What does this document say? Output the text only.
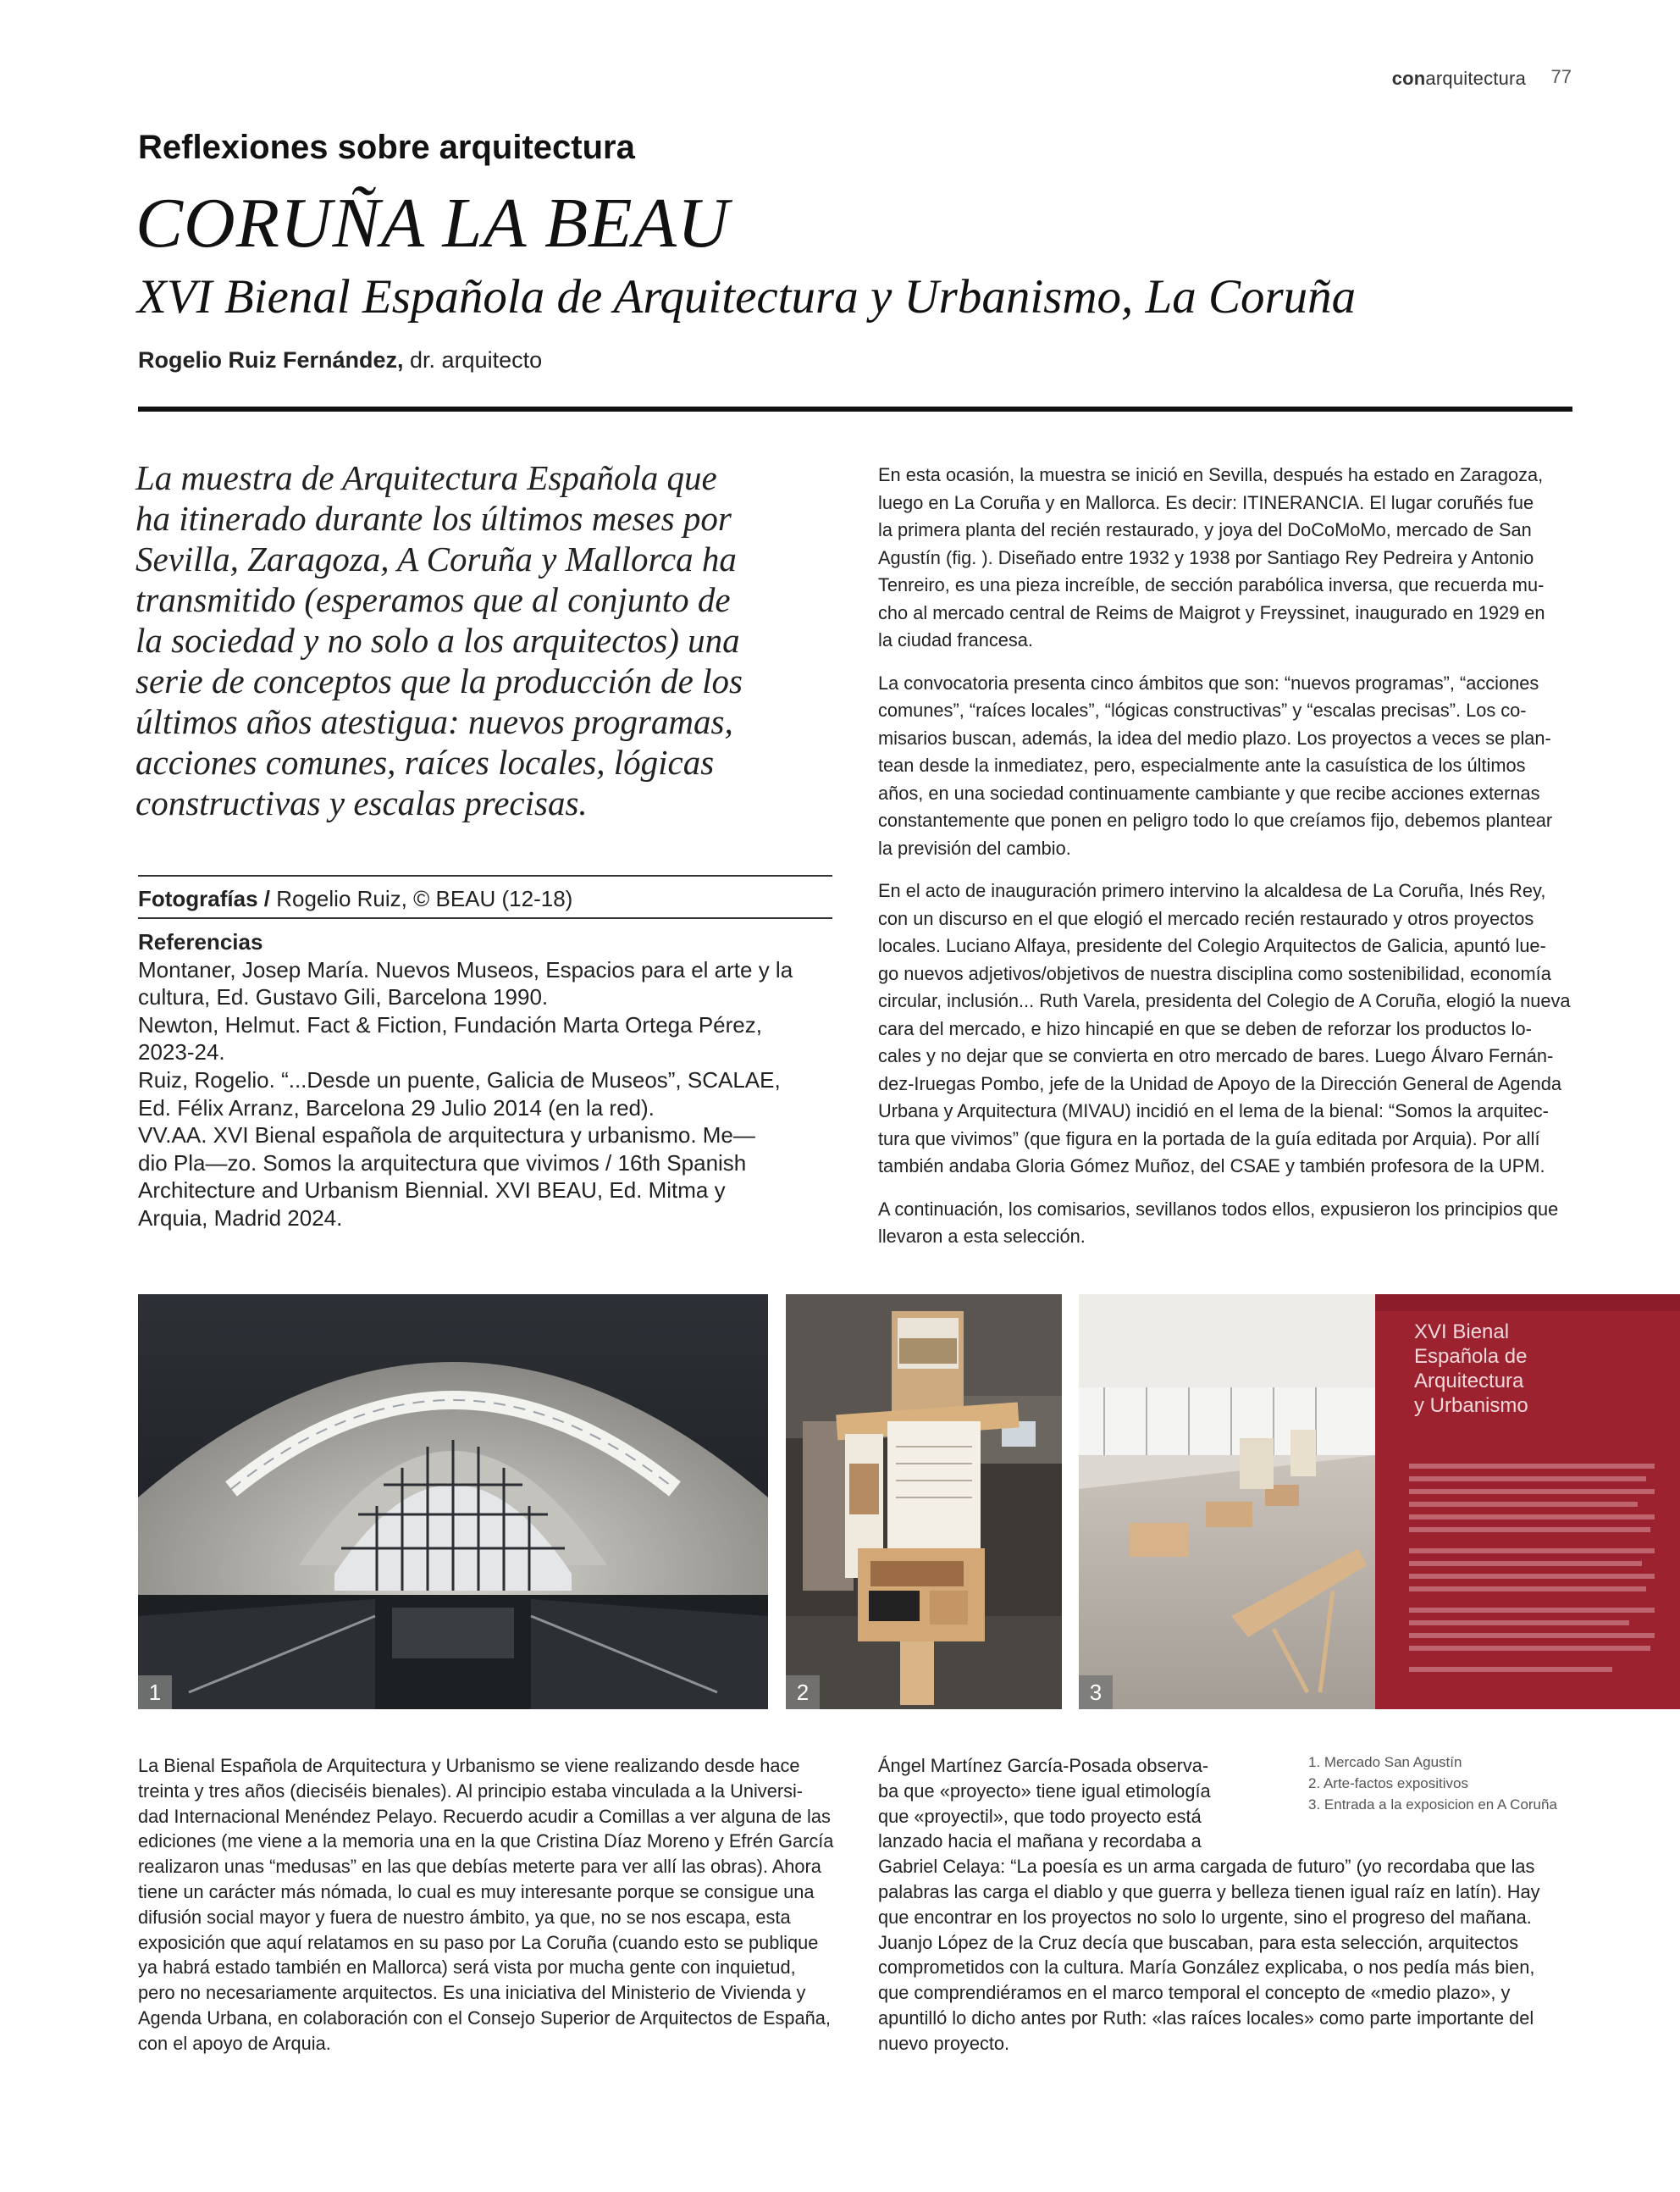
conarquitectura 77
Reflexiones sobre arquitectura
CORUÑA LA BEAU
XVI Bienal Española de Arquitectura y Urbanismo, La Coruña
Rogelio Ruiz Fernández, dr. arquitecto
La muestra de Arquitectura Española que
ha itinerado durante los últimos meses por
Sevilla, Zaragoza, A Coruña y Mallorca ha
transmitido (esperamos que al conjunto de
la sociedad y no solo a los arquitectos) una
serie de conceptos que la producción de los
últimos años atestigua: nuevos programas,
acciones comunes, raíces locales, lógicas
constructivas y escalas precisas.
Fotografías / Rogelio Ruiz, © BEAU (12-18)
Referencias
Montaner, Josep María. Nuevos Museos, Espacios para el arte y la
cultura, Ed. Gustavo Gili, Barcelona 1990.
Newton, Helmut. Fact & Fiction, Fundación Marta Ortega Pérez,
2023-24.
Ruiz, Rogelio. “...Desde un puente, Galicia de Museos”, SCALAE,
Ed. Félix Arranz, Barcelona 29 Julio 2014 (en la red).
VV.AA. XVI Bienal española de arquitectura y urbanismo. Me—
dio Pla—zo. Somos la arquitectura que vivimos / 16th Spanish
Architecture and Urbanism Biennial. XVI BEAU, Ed. Mitma y
Arquia, Madrid 2024.
En esta ocasión, la muestra se inició en Sevilla, después ha estado en Zaragoza,
luego en La Coruña y en Mallorca. Es decir: ITINERANCIA. El lugar coruñés fue
la primera planta del recién restaurado, y joya del DoCoMoMo, mercado de San
Agustín (fig. ). Diseñado entre 1932 y 1938 por Santiago Rey Pedreira y Antonio
Tenreiro, es una pieza increíble, de sección parabólica inversa, que recuerda mu-
cho al mercado central de Reims de Maigrot y Freyssinet, inaugurado en 1929 en
la ciudad francesa.
La convocatoria presenta cinco ámbitos que son: “nuevos programas”, “acciones
comunes”, “raíces locales”, “lógicas constructivas” y “escalas precisas”. Los co-
misarios buscan, además, la idea del medio plazo. Los proyectos a veces se plan-
tean desde la inmediatez, pero, especialmente ante la casuística de los últimos
años, en una sociedad continuamente cambiante y que recibe acciones externas
constantemente que ponen en peligro todo lo que creíamos fijo, debemos plantear
la previsión del cambio.
En el acto de inauguración primero intervino la alcaldesa de La Coruña, Inés Rey,
con un discurso en el que elogió el mercado recién restaurado y otros proyectos
locales. Luciano Alfaya, presidente del Colegio Arquitectos de Galicia, apuntó lue-
go nuevos adjetivos/objetivos de nuestra disciplina como sostenibilidad, economía
circular, inclusión... Ruth Varela, presidenta del Colegio de A Coruña, elogió la nueva
cara del mercado, e hizo hincapié en que se deben de reforzar los productos lo-
cales y no dejar que se convierta en otro mercado de bares. Luego Álvaro Fernán-
dez-Iruegas Pombo, jefe de la Unidad de Apoyo de la Dirección General de Agenda
Urbana y Arquitectura (MIVAU) incidió en el lema de la bienal: “Somos la arquitec-
tura que vivimos” (que figura en la portada de la guía editada por Arquia). Por allí
también andaba Gloria Gómez Muñoz, del CSAE y también profesora de la UPM.
A continuación, los comisarios, sevillanos todos ellos, expusieron los principios que
llevaron a esta selección.
1	2
XVI Bienal
Española de
Arquitectura
y Urbanismo
3
La Bienal Española de Arquitectura y Urbanismo se viene realizando desde hace
treinta y tres años (dieciséis bienales). Al principio estaba vinculada a la Universi-
dad Internacional Menéndez Pelayo. Recuerdo acudir a Comillas a ver alguna de las
ediciones (me viene a la memoria una en la que Cristina Díaz Moreno y Efrén García
realizaron unas “medusas” en las que debías meterte para ver allí las obras). Ahora
tiene un carácter más nómada, lo cual es muy interesante porque se consigue una
difusión social mayor y fuera de nuestro ámbito, ya que, no se nos escapa, esta
exposición que aquí relatamos en su paso por La Coruña (cuando esto se publique
ya habrá estado también en Mallorca) será vista por mucha gente con inquietud,
pero no necesariamente arquitectos. Es una iniciativa del Ministerio de Vivienda y
Agenda Urbana, en colaboración con el Consejo Superior de Arquitectos de España,
con el apoyo de Arquia.
Ángel Martínez García-Posada observa-
ba que «proyecto» tiene igual etimología
que «proyectil», que todo proyecto está
lanzado hacia el mañana y recordaba a
Gabriel Celaya: “La poesía es un arma cargada de futuro” (yo recordaba que las
palabras las carga el diablo y que guerra y belleza tienen igual raíz en latín). Hay
que encontrar en los proyectos no solo lo urgente, sino el progreso del mañana.
Juanjo López de la Cruz decía que buscaban, para esta selección, arquitectos
comprometidos con la cultura. María González explicaba, o nos pedía más bien,
que comprendiéramos en el marco temporal el concepto de «medio plazo», y
apuntilló lo dicho antes por Ruth: «las raíces locales» como parte importante del
nuevo proyecto.
1. Mercado San Agustín
2. Arte-factos expositivos
3. Entrada a la exposicion en A Coruña
